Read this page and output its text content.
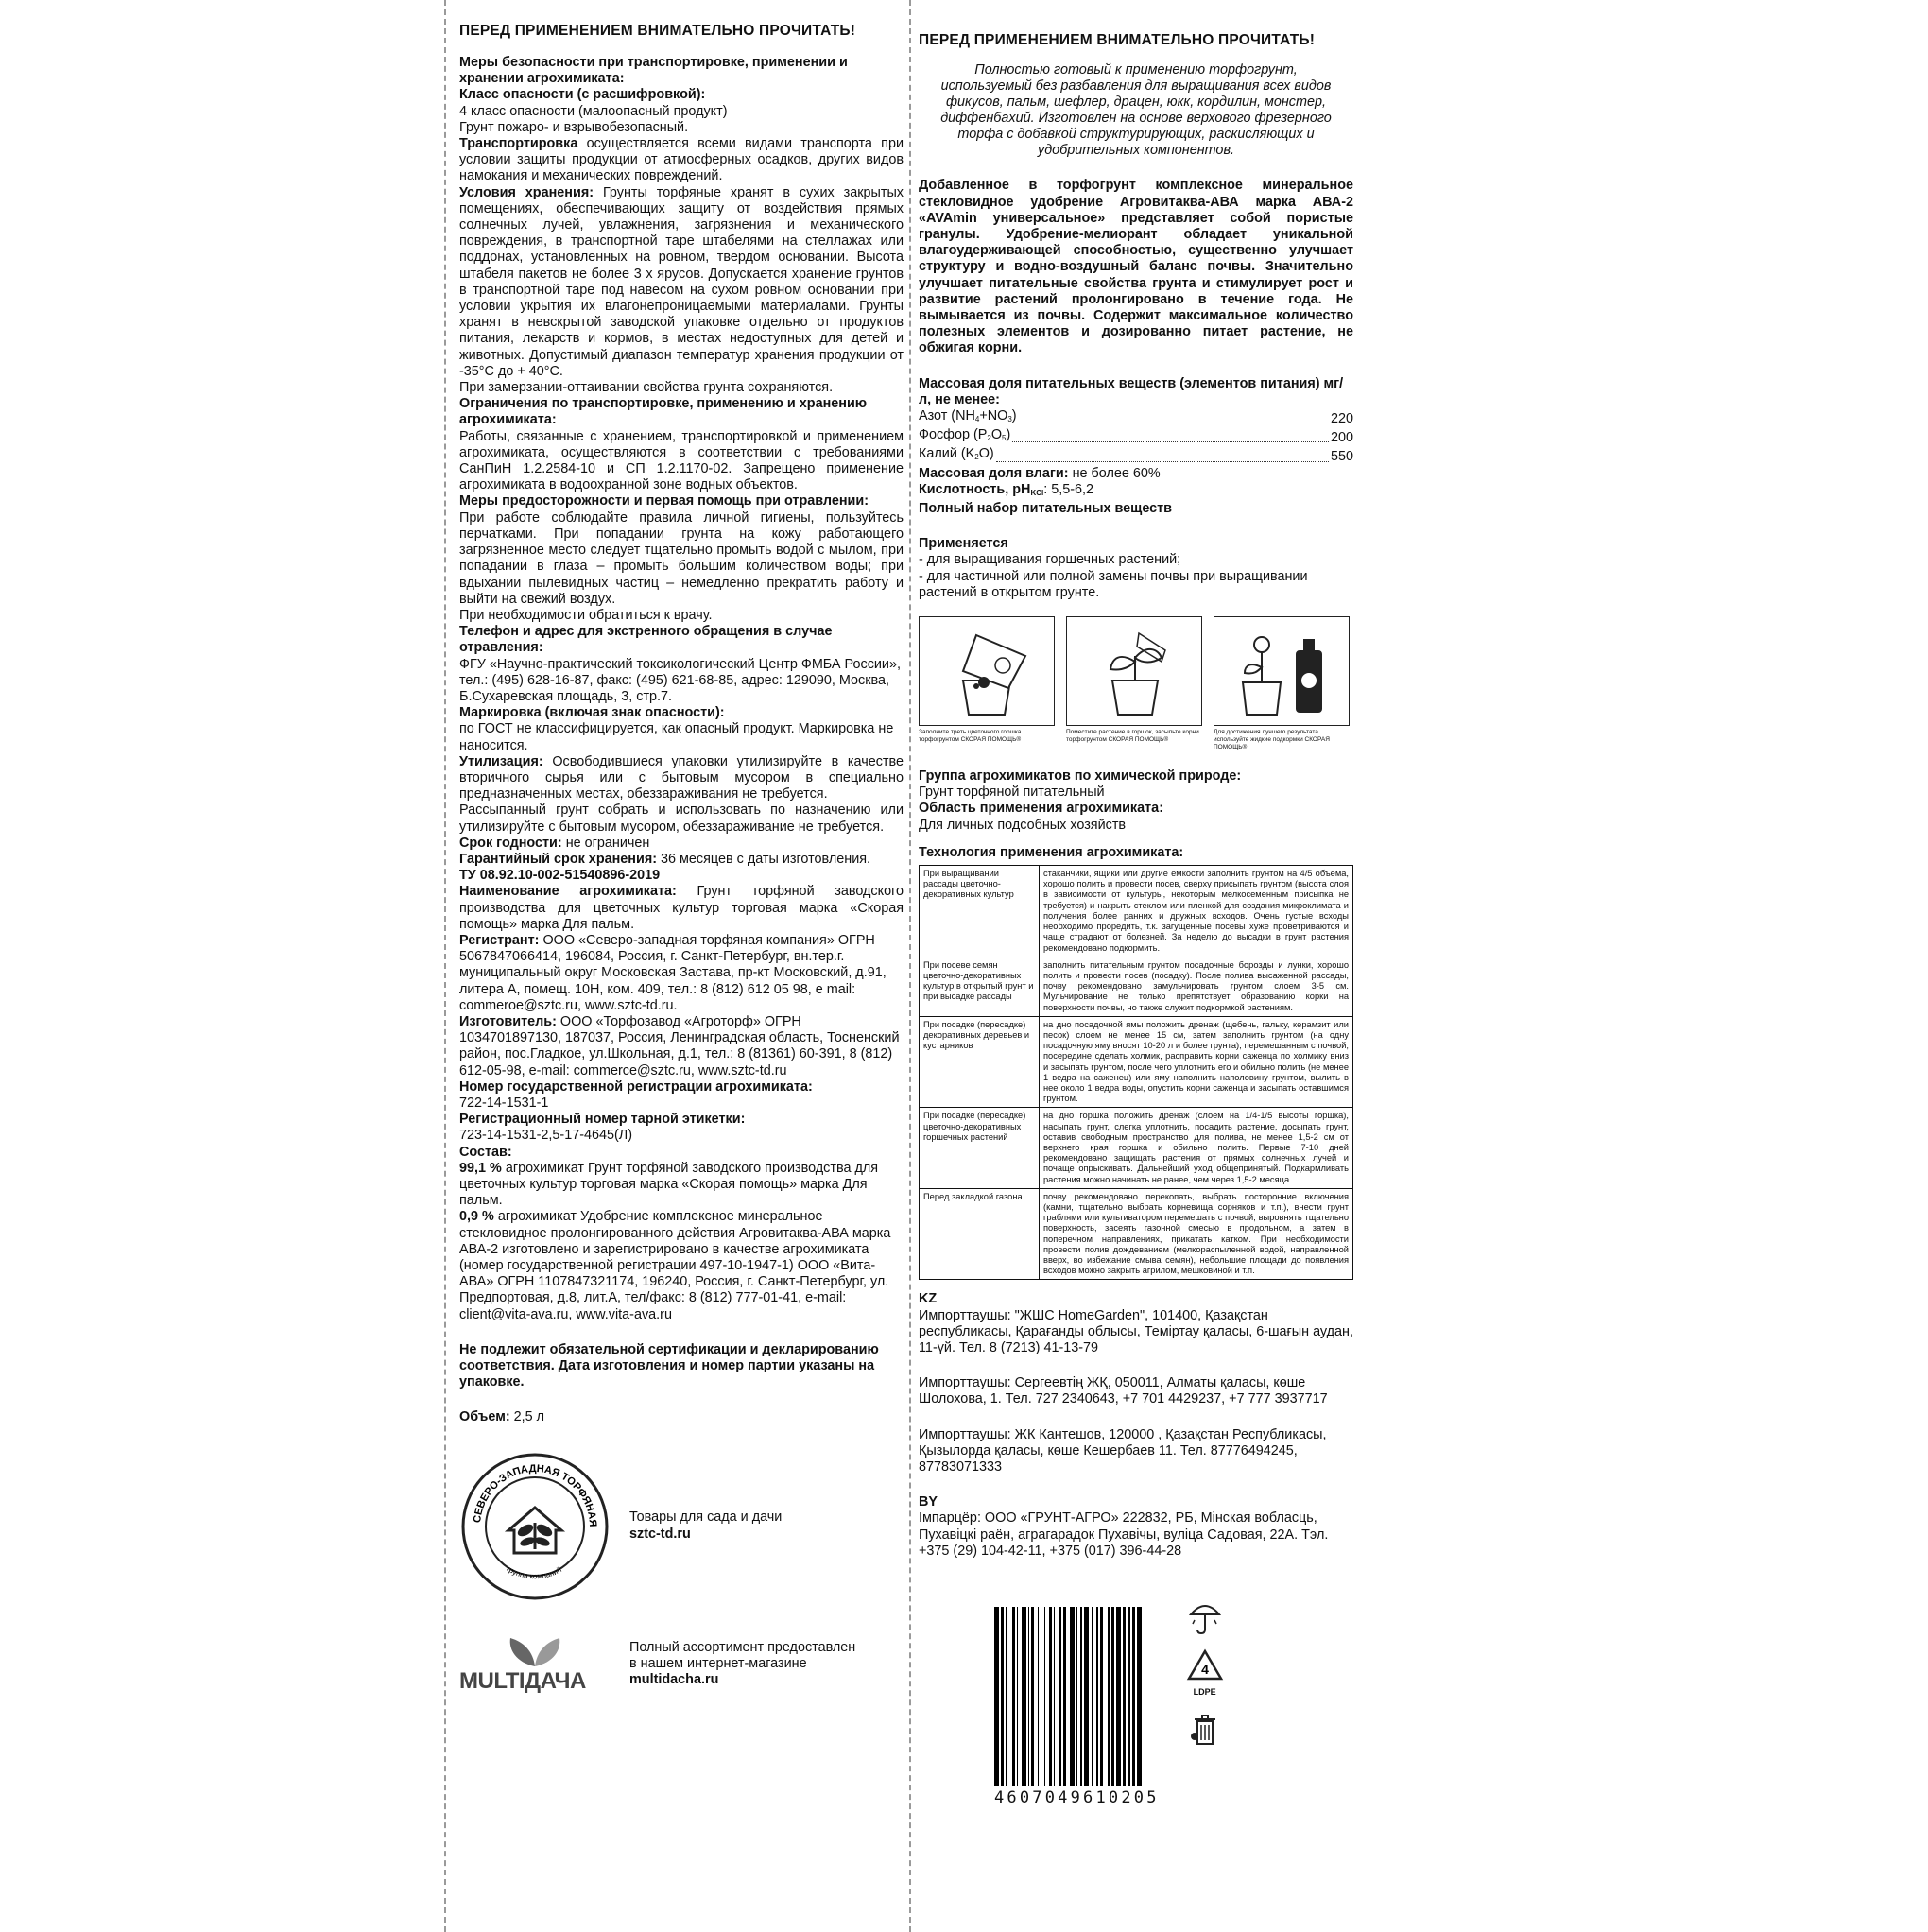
ПЕРЕД ПРИМЕНЕНИЕМ ВНИМАТЕЛЬНО ПРОЧИТАТЬ!

Меры безопасности при транспортировке, применении и хранении агрохимиката:

Класс опасности (с расшифровкой):

4 класс опасности (малоопасный продукт)

Грунт пожаро- и взрывобезопасный.

Транспортировка осуществляется всеми видами транспорта при условии защиты продукции от атмосферных осадков, других видов намокания и механических повреждений.

Условия хранения: Грунты торфяные хранят в сухих закрытых помещениях, обеспечивающих защиту от воздействия прямых солнечных лучей, увлажнения, загрязнения и механического повреждения, в транспортной таре штабелями на стеллажах или поддонах, установленных на ровном, твердом основании. Высота штабеля пакетов не более 3 х ярусов. Допускается хранение грунтов в транспортной таре под навесом на сухом ровном основании при условии укрытия их влагонепроницаемыми материалами. Грунты хранят в невскрытой заводской упаковке отдельно от продуктов питания, лекарств и кормов, в местах недоступных для детей и животных. Допустимый диапазон температур хранения продукции от -35°С до + 40°С.

При замерзании-оттаивании свойства грунта сохраняются.

Ограничения по транспортировке, применению и хранению агрохимиката:

Работы, связанные с хранением, транспортировкой и применением агрохимиката, осуществляются в соответствии с требованиями СанПиН 1.2.2584-10 и СП 1.2.1170-02. Запрещено применение агрохимиката в водоохранной зоне водных объектов.

Меры предосторожности и первая помощь при отравлении:

При работе соблюдайте правила личной гигиены, пользуйтесь перчатками. При попадании грунта на кожу работающего загрязненное место следует тщательно промыть водой с мылом, при попадании в глаза – промыть большим количеством воды; при вдыхании пылевидных частиц – немедленно прекратить работу и выйти на свежий воздух.

При необходимости обратиться к врачу.

Телефон и адрес для экстренного обращения в случае отравления:

ФГУ «Научно-практический токсикологический Центр ФМБА России», тел.: (495) 628-16-87, факс: (495) 621-68-85, адрес: 129090, Москва, Б.Сухаревская площадь, 3, стр.7.

Маркировка (включая знак опасности):

по ГОСТ не классифицируется, как опасный продукт. Маркировка не наносится.

Утилизация: Освободившиеся упаковки утилизируйте в качестве вторичного сырья или с бытовым мусором в специально предназначенных местах, обеззараживания не требуется.

Рассыпанный грунт собрать и использовать по назначению или утилизируйте с бытовым мусором, обеззараживание не требуется.

Срок годности: не ограничен

Гарантийный срок хранения: 36 месяцев с даты изготовления.

ТУ 08.92.10-002-51540896-2019

Наименование агрохимиката: Грунт торфяной заводского производства для цветочных культур торговая марка «Скорая помощь» марка Для пальм.

Регистрант: ООО «Северо-западная торфяная компания» ОГРН 5067847066414, 196084, Россия, г. Санкт-Петербург, вн.тер.г. муниципальный округ Московская Застава, пр-кт Московский, д.91, литера А, помещ. 10Н, ком. 409, тел.: 8 (812) 612 05 98, e mail: commeroe@sztc.ru, www.sztc-td.ru.

Изготовитель: ООО «Торфозавод «Агроторф» ОГРН 1034701897130, 187037, Россия, Ленинградская область, Тосненский район, пос.Гладкое, ул.Школьная, д.1, тел.: 8 (81361) 60-391, 8 (812) 612-05-98, e-mail: commerce@sztc.ru, www.sztc-td.ru

Номер государственной регистрации агрохимиката:

722-14-1531-1

Регистрационный номер тарной этикетки:

723-14-1531-2,5-17-4645(Л)

Состав:

99,1 % агрохимикат Грунт торфяной заводского производства для цветочных культур торговая марка «Скорая помощь» марка Для пальм.

0,9 % агрохимикат Удобрение комплексное минеральное стекловидное пролонгированного действия Агровитаква-АВА марка АВА-2 изготовлено и зарегистрировано в качестве агрохимиката (номер государственной регистрации 497-10-1947-1) ООО «Вита-АВА» ОГРН 1107847321174, 196240, Россия, г. Санкт-Петербург, ул. Предпортовая, д.8, лит.А, тел/факс: 8 (812) 777-01-41, e-mail: client@vita-ava.ru, www.vita-ava.ru

Не подлежит обязательной сертификации и декларированию соответствия. Дата изготовления и номер партии указаны на упаковке.

Объем: 2,5 л

СЕВЕРО-ЗАПАДНАЯ ТОРФЯНАЯ
группа компаний

Товары для сада и дачи

sztc-td.ru

MULTIДАЧА

Полный ассортимент предоставлен

в нашем интернет-магазине

multidacha.ru

ПЕРЕД ПРИМЕНЕНИЕМ ВНИМАТЕЛЬНО ПРОЧИТАТЬ!

Полностью готовый к применению торфогрунт, используемый без разбавления для выращивания всех видов фикусов, пальм, шефлер, драцен, юкк, кордилин, монстер, диффенбахий. Изготовлен на основе верхового фрезерного торфа с добавкой структурирующих, раскисляющих и удобрительных компонентов.

Добавленное в торфогрунт комплексное минеральное стекловидное удобрение Агровитаква-АВА марка АВА-2 «AVAmin универсальное» представляет собой пористые гранулы. Удобрение-мелиорант обладает уникальной влагоудерживающей способностью, существенно улучшает структуру и водно-воздушный баланс почвы. Значительно улучшает питательные свойства грунта и стимулирует рост и развитие растений пролонгировано в течение года. Не вымывается из почвы. Содержит максимальное количество полезных элементов и дозированно питает растение, не обжигая корни.

Массовая доля питательных веществ (элементов питания) мг/л, не менее:

Азот $(NH_4+NO_3)$	220
Фосфор $(P_2O_5)$	200
Калий $(K_2O)$	550

Массовая доля влаги: не более 60%

Кислотность, $pH_{KCl}$: 5,5-6,2

Полный набор питательных веществ

Применяется

- для выращивания горшечных растений;

- для частичной или полной замены почвы при выращивании растений в открытом грунте.

Заполните треть цветочного горшка торфогрунтом СКОРАЯ ПОМОЩЬ®
Поместите растение в горшок, засыпьте корни торфогрунтом СКОРАЯ ПОМОЩЬ®
Для достижения лучшего результата используйте жидкие подкормки СКОРАЯ ПОМОЩЬ®

Группа агрохимикатов по химической природе:

Грунт торфяной питательный

Область применения агрохимиката:

Для личных подсобных хозяйств

Технология применения агрохимиката:

При выращивании рассады цветочно-декоративных культур	стаканчики, ящики или другие емкости заполнить грунтом на 4/5 объема, хорошо полить и провести посев, сверху присыпать грунтом (высота слоя в зависимости от культуры, некоторым мелкосеменным присыпка не требуется) и накрыть стеклом или пленкой для создания микроклимата и получения более ранних и дружных всходов. Очень густые всходы необходимо проредить, т.к. загущенные посевы хуже проветриваются и чаще страдают от болезней. За неделю до высадки в грунт растения рекомендовано подкормить.
При посеве семян цветочно-декоративных культур в открытый грунт и при высадке рассады	заполнить питательным грунтом посадочные борозды и лунки, хорошо полить и провести посев (посадку). После полива высаженной рассады, почву рекомендовано замульчировать грунтом слоем 3-5 см. Мульчирование не только препятствует образованию корки на поверхности почвы, но также служит подкормкой растениям.
При посадке (пересадке) декоративных деревьев и кустарников	на дно посадочной ямы положить дренаж (щебень, гальку, керамзит или песок) слоем не менее 15 см, затем заполнить грунтом (на одну посадочную яму вносят 10-20 л и более грунта), перемешанным с почвой; посередине сделать холмик, расправить корни саженца по холмику вниз и засыпать грунтом, после чего уплотнить его и обильно полить (не менее 1 ведра на саженец) или яму наполнить наполовину грунтом, вылить в нее около 1 ведра воды, опустить корни саженца и засыпать оставшимся грунтом.
При посадке (пересадке) цветочно-декоративных горшечных растений	на дно горшка положить дренаж (слоем на 1/4-1/5 высоты горшка), насыпать грунт, слегка уплотнить, посадить растение, досыпать грунт, оставив свободным пространство для полива, не менее 1,5-2 см от верхнего края горшка и обильно полить. Первые 7-10 дней рекомендовано защищать растения от прямых солнечных лучей и почаще опрыскивать. Дальнейший уход общепринятый. Подкармливать растения можно начинать не ранее, чем через 1,5-2 месяца.
Перед закладкой газона	почву рекомендовано перекопать, выбрать посторонние включения (камни, тщательно выбрать корневища сорняков и т.п.), внести грунт граблями или культиватором перемешать с почвой, выровнять тщательно поверхность, засеять газонной смесью в продольном, а затем в поперечном направлениях, прикатать катком. При необходимости провести полив дождеванием (мелкораспыленной водой, направленной вверх, во избежание смыва семян), небольшие площади до появления всходов можно закрыть агрилом, мешковиной и т.п.

KZ

Импорттаушы: "ЖШС HomeGarden", 101400, Қазақстан республикасы, Қарағанды облысы, Темiртау қаласы, 6-шағын аудан, 11-үй. Тел. 8 (7213) 41-13-79

Импорттаушы: Сергеевтiң ЖҚ, 050011, Алматы қаласы, көше Шолохова, 1. Тел. 727 2340643, +7 701 4429237, +7 777 3937717

Импорттаушы: ЖК Кантешов, 120000 , Қазақстан Республикасы, Қызылорда қаласы, көше Кешербаев 11. Тел. 87776494245, 87783071333

BY

Імпарцёр: ООО «ГРУНТ-АГРО» 222832, РБ, Мiнская вобласць, Пухавiцкi раён, аграгарадок Пухавiчы, вулiца Садовая, 22А. Тэл. +375 (29) 104-42-11, +375 (017) 396-44-28

4607049610205
4
LDPE
